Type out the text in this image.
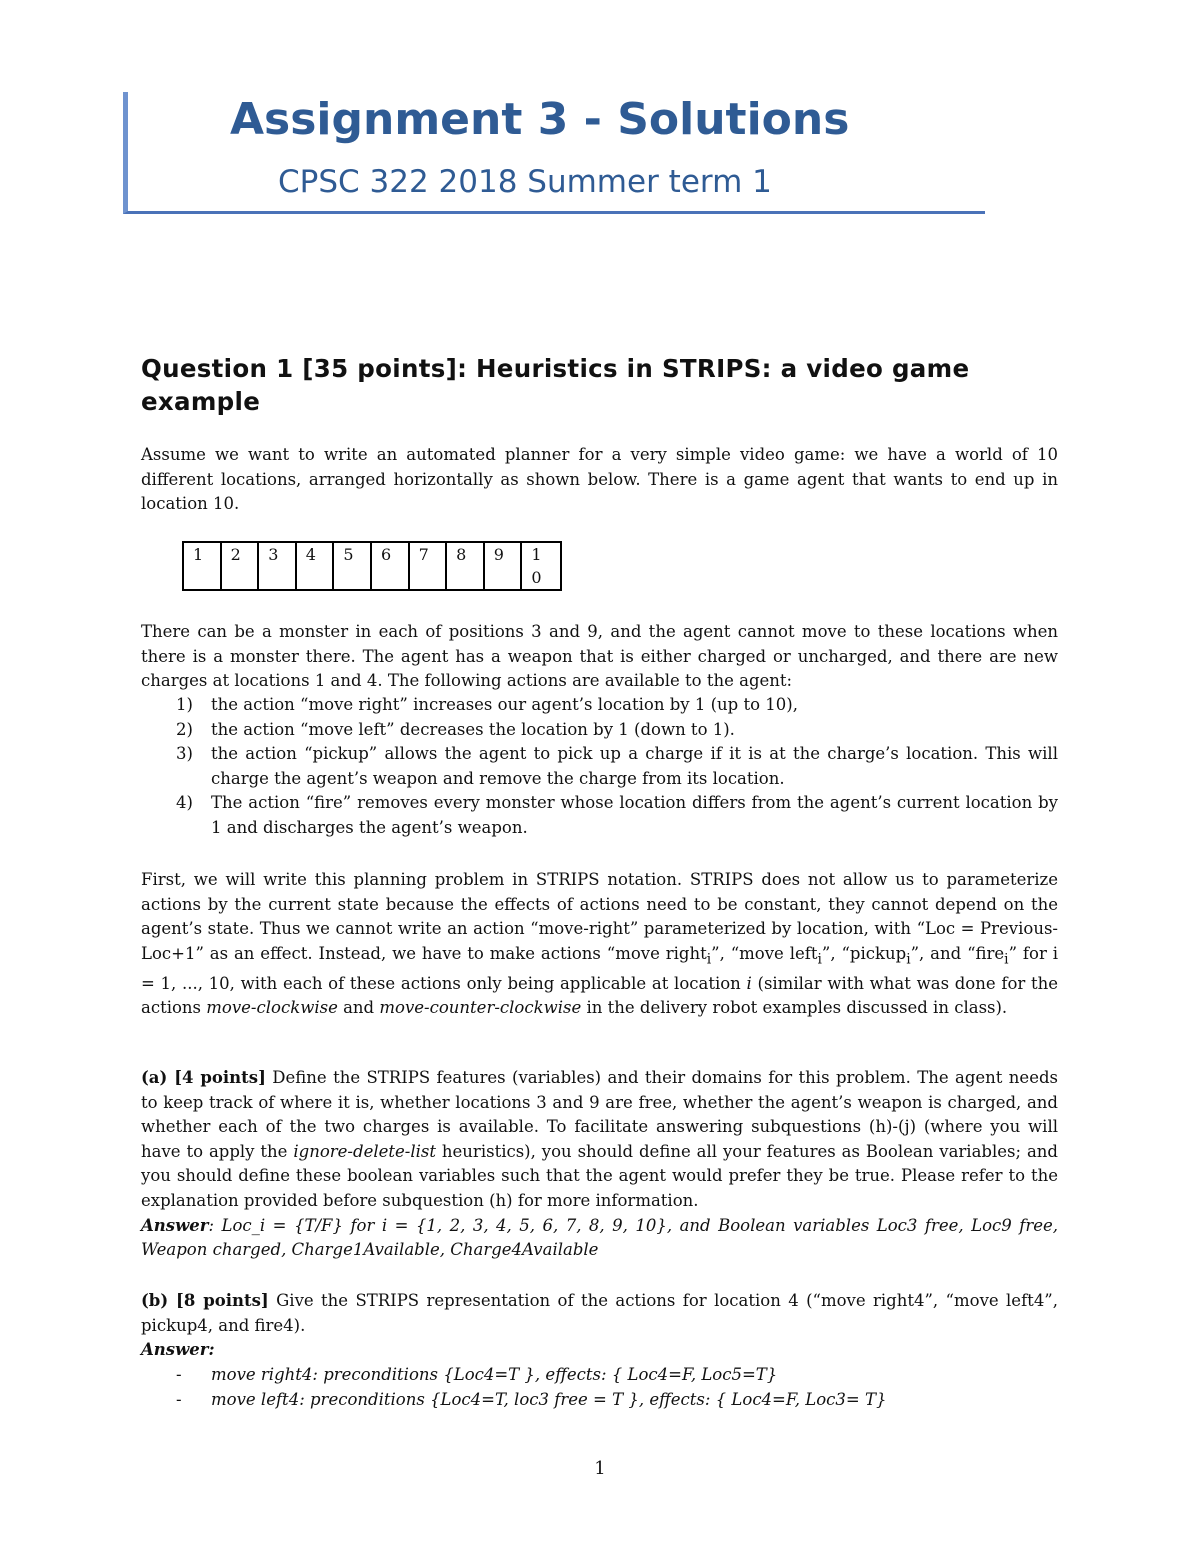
Assignment 3 - Solutions
CPSC 322 2018 Summer term 1
Question 1 [35 points]: Heuristics in STRIPS: a video game example

Assume we want to write an automated planner for a very simple video game: we have a world of 10 different locations, arranged horizontally as shown below. There is a game agent that wants to end up in location 10.

1	2	3	4	5	6	7	8	9	1 0

There can be a monster in each of positions 3 and 9, and the agent cannot move to these locations when there is a monster there. The agent has a weapon that is either charged or uncharged, and there are new charges at locations 1 and 4. The following actions are available to the agent:

1) the action “move right” increases our agent’s location by 1 (up to 10),
2) the action “move left” decreases the location by 1 (down to 1).
3) the action “pickup” allows the agent to pick up a charge if it is at the charge’s location. This will charge the agent’s weapon and remove the charge from its location.
4) The action “fire” removes every monster whose location differs from the agent’s current location by 1 and discharges the agent’s weapon.

First, we will write this planning problem in STRIPS notation. STRIPS does not allow us to parameterize actions by the current state because the effects of actions need to be constant, they cannot depend on the agent’s state. Thus we cannot write an action “move-right” parameterized by location, with “Loc = Previous-Loc+1” as an effect. Instead, we have to make actions “move right$_i$”, “move left$_i$”, “pickup$_i$”, and “fire$_i$” for i = 1, ..., 10, with each of these actions only being applicable at location i (similar with what was done for the actions move-clockwise and move-counter-clockwise in the delivery robot examples discussed in class).

(a) [4 points] Define the STRIPS features (variables) and their domains for this problem. The agent needs to keep track of where it is, whether locations 3 and 9 are free, whether the agent’s weapon is charged, and whether each of the two charges is available. To facilitate answering subquestions (h)-(j) (where you will have to apply the ignore-delete-list heuristics), you should define all your features as Boolean variables; and you should define these boolean variables such that the agent would prefer they be true. Please refer to the explanation provided before subquestion (h) for more information.
Answer: Loc_i = {T/F} for i = {1, 2, 3, 4, 5, 6, 7, 8, 9, 10}, and Boolean variables Loc3 free, Loc9 free, Weapon charged, Charge1Available, Charge4Available

(b) [8 points] Give the STRIPS representation of the actions for location 4 (“move right4”, “move left4”, pickup4, and fire4).
Answer:

- move right4: preconditions {Loc4=T }, effects: { Loc4=F, Loc5=T}
- move left4: preconditions {Loc4=T, loc3 free = T }, effects: { Loc4=F, Loc3= T}
1
